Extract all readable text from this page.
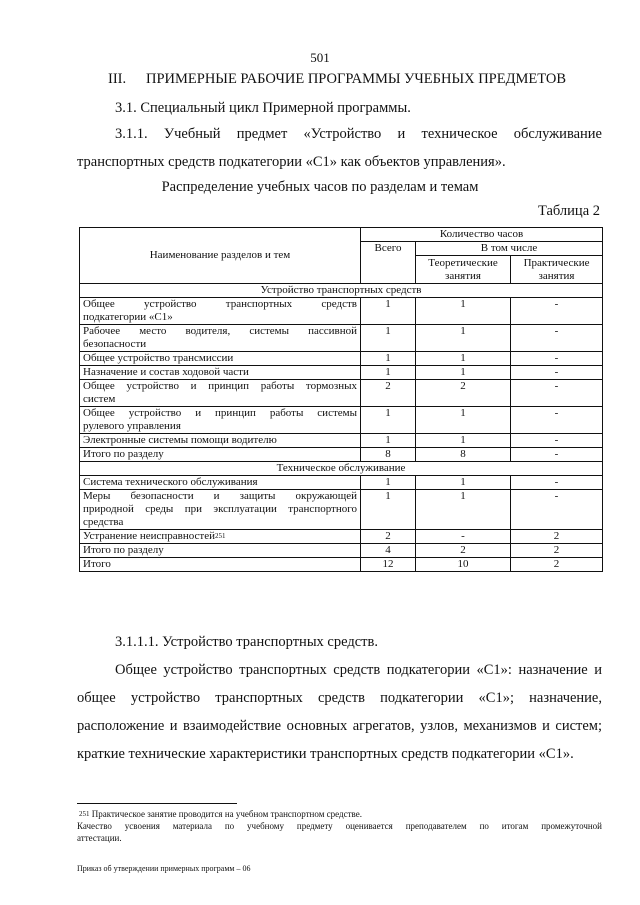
501
III. ПРИМЕРНЫЕ РАБОЧИЕ ПРОГРАММЫ УЧЕБНЫХ ПРЕДМЕТОВ
3.1. Специальный цикл Примерной программы.
3.1.1. Учебный предмет «Устройство и техническое обслуживание
транспортных средств подкатегории «С1» как объектов управления».
Распределение учебных часов по разделам и темам
Таблица 2
Наименование разделов и тем	Количество часов		
	Всего	В том числе	
		Теоретические занятия	Практические занятия
Устройство транспортных средств			

Общее устройство транспортных средств
подкатегории «С1»	1	1	-

Рабочее место водителя, системы пассивной
безопасности	1	1	-
Общее устройство трансмиссии	1	1	-
Назначение и состав ходовой части	1	1	-

Общее устройство и принцип работы тормозных
систем	2	2	-

Общее устройство и принцип работы системы
рулевого управления	1	1	-
Электронные системы помощи водителю	1	1	-
Итого по разделу	8	8	-
Техническое обслуживание			
Система технического обслуживания	1	1	-

Меры безопасности и защиты окружающей
природной среды при эксплуатации транспортного
средства	1	1	-
Устранение неисправностей$^{251}$	2	-	2
Итого по разделу	4	2	2
Итого	12	10	2
3.1.1.1. Устройство транспортных средств.
Общее устройство транспортных средств подкатегории «С1»: назначение и
общее устройство транспортных средств подкатегории «С1»; назначение,
расположение и взаимодействие основных агрегатов, узлов, механизмов и систем;
краткие технические характеристики транспортных средств подкатегории «С1».
$^{251}$ Практическое занятие проводится на учебном транспортном средстве.
Качество усвоения материала по учебному предмету оценивается преподавателем по итогам промежуточной
аттестации.
Приказ об утверждении примерных программ – 06
